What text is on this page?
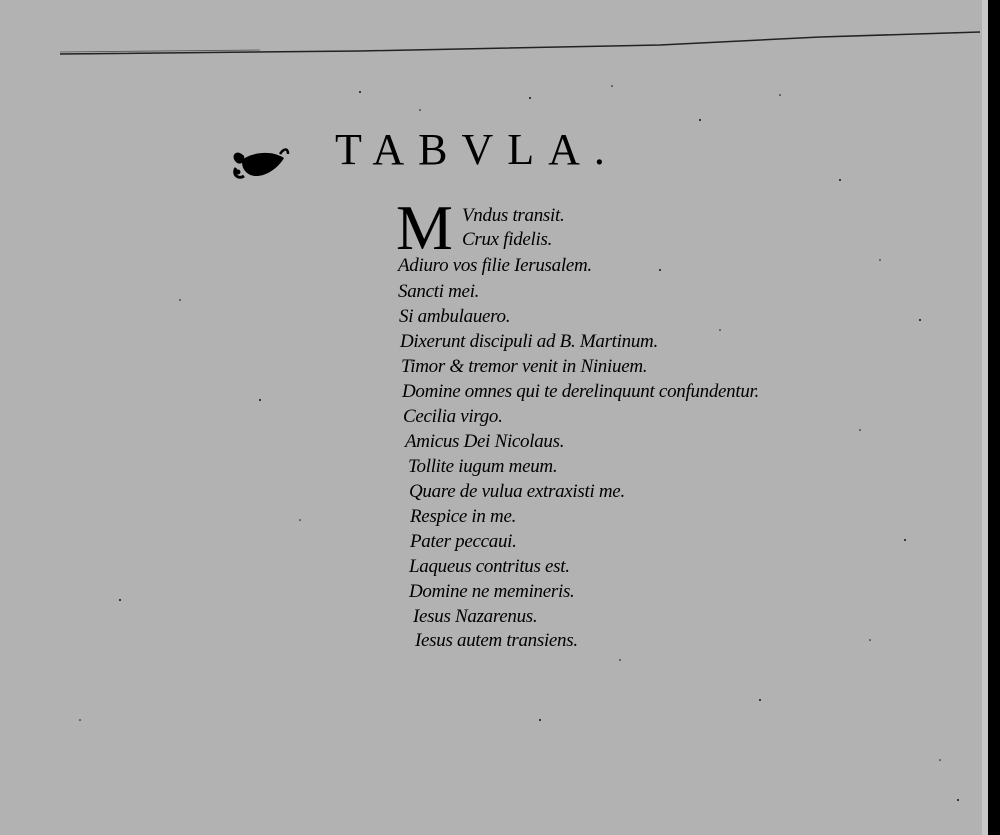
TABVLA.
M Vndus transit.
Crux fidelis.
Adiuro vos filie Ierusalem.
Sancti mei.
Si ambulauero.
Dixerunt discipuli ad B. Martinum.
Timor & tremor venit in Niniuem.
Domine omnes qui te derelinquunt confundentur.
Cecilia virgo.
Amicus Dei Nicolaus.
Tollite iugum meum.
Quare de vulua extraxisti me.
Respice in me.
Pater peccaui.
Laqueus contritus est.
Domine ne memineris.
Iesus Nazarenus.
Iesus autem transiens.
